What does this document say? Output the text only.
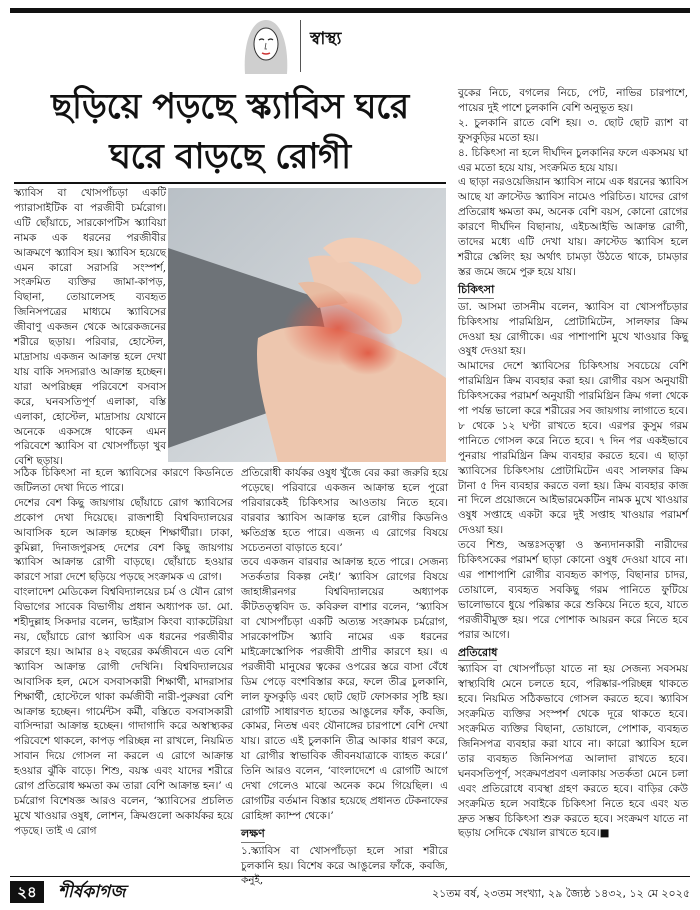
স্বাস্থ্য
ছড়িয়ে পড়ছে স্ক্যাবিস ঘরে
ঘরে বাড়ছে রোগী

স্ক্যাবিস বা খোসপাঁচড়া একটি প্যারাসাইটিক বা পরজীবী চর্মরোগ। এটি ছোঁয়াচে, সারকোপটিস স্ক্যাবিয়া নামক এক ধরনের পরজীবীর আক্রমণে স্ক্যাবিস হয়। স্ক্যাবিস হয়েছে এমন কারো সরাসরি সংস্পর্শ, সংক্রমিত ব্যক্তির জামা-কাপড়, বিছানা, তোয়ালেসহ ব্যবহৃত জিনিসপত্রের মাধ্যমে স্ক্যাবিসের জীবাণু একজন থেকে আরেকজনের শরীরে ছড়ায়। পরিবার, হোস্টেল, মাদ্রাসায় একজন আক্রান্ত হলে দেখা যায় বাকি সদস্যরাও আক্রান্ত হচ্ছেন। যারা অপরিচ্ছন্ন পরিবেশে বসবাস করে, ঘনবসতিপূর্ণ এলাকা, বস্তি এলাকা, হোস্টেল, মাদ্রাসায় যেখানে অনেকে একসঙ্গে থাকেন এমন পরিবেশে স্ক্যাবিস বা খোসপাঁচড়া খুব বেশি ছড়ায়।

সঠিক চিকিৎসা না হলে স্ক্যাবিসের কারণে কিডনিতে জটিলতা দেখা দিতে পারে।

দেশের বেশ কিছু জায়গায় ছোঁয়াচে রোগ স্ক্যাবিসের প্রকোপ দেখা দিয়েছে। রাজশাহী বিশ্ববিদ্যালয়ের আবাসিক হলে আক্রান্ত হচ্ছেন শিক্ষার্থীরা। ঢাকা, কুমিল্লা, দিনাজপুরসহ দেশের বেশ কিছু জায়গায় স্ক্যাবিস আক্রান্ত রোগী বাড়ছে। ছোঁয়াচে হওয়ার কারণে সারা দেশে ছড়িয়ে পড়ছে সংক্রামক এ রোগ।

বাংলাদেশ মেডিকেল বিশ্ববিদ্যালয়ের চর্ম ও যৌন রোগ বিভাগের সাবেক বিভাগীয় প্রধান অধ্যাপক ডা. মো. শহীদুল্লাহ সিকদার বলেন, ভাইরাস কিংবা ব্যাকটেরিয়া নয়, ছোঁয়াচে রোগ স্ক্যাবিস এক ধরনের পরজীবীর কারণে হয়। আমার ৪২ বছরের কর্মজীবনে এত বেশি স্ক্যাবিস আক্রান্ত রোগী দেখিনি। বিশ্ববিদ্যালয়ের আবাসিক হল, মেসে বসবাসকারী শিক্ষার্থী, মাদরাসার শিক্ষার্থী, হোস্টেলে থাকা কর্মজীবী নারী-পুরুষরা বেশি আক্রান্ত হচ্ছেন। গার্মেন্টস কর্মী, বস্তিতে বসবাসকারী বাসিন্দারা আক্রান্ত হচ্ছেন। গাদাগাদি করে অস্বাস্থ্যকর পরিবেশে থাকলে, কাপড় পরিচ্ছন্ন না রাখলে, নিয়মিত সাবান দিয়ে গোসল না করলে এ রোগে আক্রান্ত হওয়ার ঝুঁকি বাড়ে। শিশু, বয়স্ক এবং যাদের শরীরে রোগ প্রতিরোধ ক্ষমতা কম তারা বেশি আক্রান্ত হন।’ এ চর্মরোগ বিশেষজ্ঞ আরও বলেন, ‘স্ক্যাবিসের প্রচলিত মুখে খাওয়ার ওষুধ, লোশন, ক্রিমগুলো অকার্যকর হয়ে পড়ছে। তাই এ রোগ

প্রতিরোধী কার্যকর ওষুধ খুঁজে বের করা জরুরি হয়ে পড়েছে। পরিবারে একজন আক্রান্ত হলে পুরো পরিবারকেই চিকিৎসার আওতায় নিতে হবে। বারবার স্ক্যাবিস আক্রান্ত হলে রোগীর কিডনিও ক্ষতিগ্রস্ত হতে পারে। এজন্য এ রোগের বিষয়ে সচেতনতা বাড়াতে হবে।’

তবে একজন বারবার আক্রান্ত হতে পারে। সেজন্য সতর্কতার বিকল্প নেই।’ স্ক্যাবিস রোগের বিষয়ে জাহাঙ্গীরনগর বিশ্ববিদ্যালয়ের অধ্যাপক কীটতত্ত্ববিদ ড. কবিরুল বাশার বলেন, ‘স্ক্যাবিস বা খোসপাঁচড়া একটি অত্যন্ত সংক্রামক চর্মরোগ, সারকোপটিস স্ক্যাবি নামের এক ধরনের মাইক্রোস্কোপিক পরজীবী প্রাণীর কারণে হয়। এ পরজীবী মানুষের ত্বকের ওপরের স্তরে বাসা বেঁধে ডিম পেড়ে বংশবিস্তার করে, ফলে তীব্র চুলকানি, লাল ফুসকুড়ি এবং ছোট ছোট ফোসকার সৃষ্টি হয়। রোগটি সাধারণত হাতের আঙুলের ফাঁক, কবজি, কোমর, নিতম্ব এবং যৌনাঙ্গের চারপাশে বেশি দেখা যায়। রাতে এই চুলকানি তীব্র আকার ধারণ করে, যা রোগীর স্বাভাবিক জীবনযাত্রাকে ব্যাহত করে।’ তিনি আরও বলেন, ‘বাংলাদেশে এ রোগটি আগে দেখা গেলেও মাঝে অনেক কমে গিয়েছিল। এ রোগটির বর্তমান বিস্তার হয়েছে প্রধানত টেকনাফের রোহিঙ্গা ক্যাম্প থেকে।’

লক্ষণ

১.স্ক্যাবিস বা খোসপাঁচড়া হলে সারা শরীরে চুলকানি হয়। বিশেষ করে আঙুলের ফাঁকে, কবজি, কনুই,

বুকের নিচে, বগলের নিচে, পেট, নাভির চারপাশে, পায়ের দুই পাশে চুলকানি বেশি অনুভূত হয়।

২. চুলকানি রাতে বেশি হয়। ৩. ছোট ছোট র‍্যাশ বা ফুসকুড়ির মতো হয়।

৪. চিকিৎসা না হলে দীর্ঘদিন চুলকানির ফলে একসময় ঘা এর মতো হয়ে যায়, সংক্রমিত হয়ে যায়।

এ ছাড়া নরওয়েজিয়ান স্ক্যাবিস নামে এক ধরনের স্ক্যাবিস আছে যা ক্রাস্টেড স্ক্যাবিস নামেও পরিচিত। যাদের রোগ প্রতিরোধ ক্ষমতা কম, অনেক বেশি বয়স, কোনো রোগের কারণে দীর্ঘদিন বিছানায়, এইচআইভি আক্রান্ত রোগী, তাদের মধ্যে এটি দেখা যায়। ক্রাস্টেড স্ক্যাবিস হলে শরীরে স্কেলিং হয় অর্থাৎ চামড়া উঠতে থাকে, চামড়ার স্তর জমে জমে পুরু হয়ে যায়।

চিকিৎসা

ডা. আসমা তাসনীম বলেন, স্ক্যাবিস বা খোসপাঁচড়ার চিকিৎসায় পারমিথ্রিন, প্রোটামিটেন, সালফার ক্রিম দেওয়া হয় রোগীকে। এর পাশাপাশি মুখে খাওয়ার কিছু ওষুধ দেওয়া হয়।

আমাদের দেশে স্ক্যাবিসের চিকিৎসায় সবচেয়ে বেশি পারমিথ্রিন ক্রিম ব্যবহার করা হয়। রোগীর বয়স অনুযায়ী চিকিৎসকের পরামর্শ অনুযায়ী পারমিথ্রিন ক্রিম গলা থেকে পা পর্যন্ত ভালো করে শরীরের সব জায়গায় লাগাতে হবে। ৮ থেকে ১২ ঘণ্টা রাখতে হবে। এরপর কুসুম গরম পানিতে গোসল করে নিতে হবে। ৭ দিন পর একইভাবে পুনরায় পারমিথ্রিন ক্রিম ব্যবহার করতে হবে। এ ছাড়া স্ক্যাবিসের চিকিৎসায় প্রোটামিটেন এবং সালফার ক্রিম টানা ৫ দিন ব্যবহার করতে বলা হয়। ক্রিম ব্যবহার কাজ না দিলে প্রয়োজনে আইভারমেকটিন নামক মুখে খাওয়ার ওষুধ সপ্তাহে একটা করে দুই সপ্তাহ খাওয়ার পরামর্শ দেওয়া হয়।

তবে শিশু, অন্তঃসত্ত্বা ও স্তন্যদানকারী নারীদের চিকিৎসকের পরামর্শ ছাড়া কোনো ওষুধ দেওয়া যাবে না। এর পাশাপাশি রোগীর ব্যবহৃত কাপড়, বিছানার চাদর, তোয়ালে, ব্যবহৃত সবকিছু গরম পানিতে ফুটিয়ে ভালোভাবে ধুয়ে পরিষ্কার করে শুকিয়ে নিতে হবে, যাতে পরজীবীমুক্ত হয়। পরে পোশাক আয়রন করে নিতে হবে পরার আগে।

প্রতিরোধ

স্ক্যাবিস বা খোসপাঁচড়া যাতে না হয় সেজন্য সবসময় স্বাস্থ্যবিধি মেনে চলতে হবে, পরিষ্কার-পরিচ্ছন্ন থাকতে হবে। নিয়মিত সঠিকভাবে গোসল করতে হবে। স্ক্যাবিস সংক্রমিত ব্যক্তির সংস্পর্শ থেকে দূরে থাকতে হবে। সংক্রমিত ব্যক্তির বিছানা, তোয়ালে, পোশাক, ব্যবহৃত জিনিসপত্র ব্যবহার করা যাবে না। কারো স্ক্যাবিস হলে তার ব্যবহৃত জিনিসপত্র আলাদা রাখতে হবে। ঘনবসতিপূর্ণ, সংক্রমণপ্রবণ এলাকায় সতর্কতা মেনে চলা এবং প্রতিরোধে ব্যবস্থা গ্রহণ করতে হবে। বাড়ির কেউ সংক্রমিত হলে সবাইকে চিকিৎসা নিতে হবে এবং যত দ্রুত সম্ভব চিকিৎসা শুরু করতে হবে। সংক্রমণ যাতে না ছড়ায় সেদিকে খেয়াল রাখতে হবে।■

২৪	শীর্ষকাগজ	২১তম বর্ষ, ২৩তম সংখ্যা, ২৯ জ্যৈষ্ঠ ১৪৩২, ১২ মে ২০২৫
